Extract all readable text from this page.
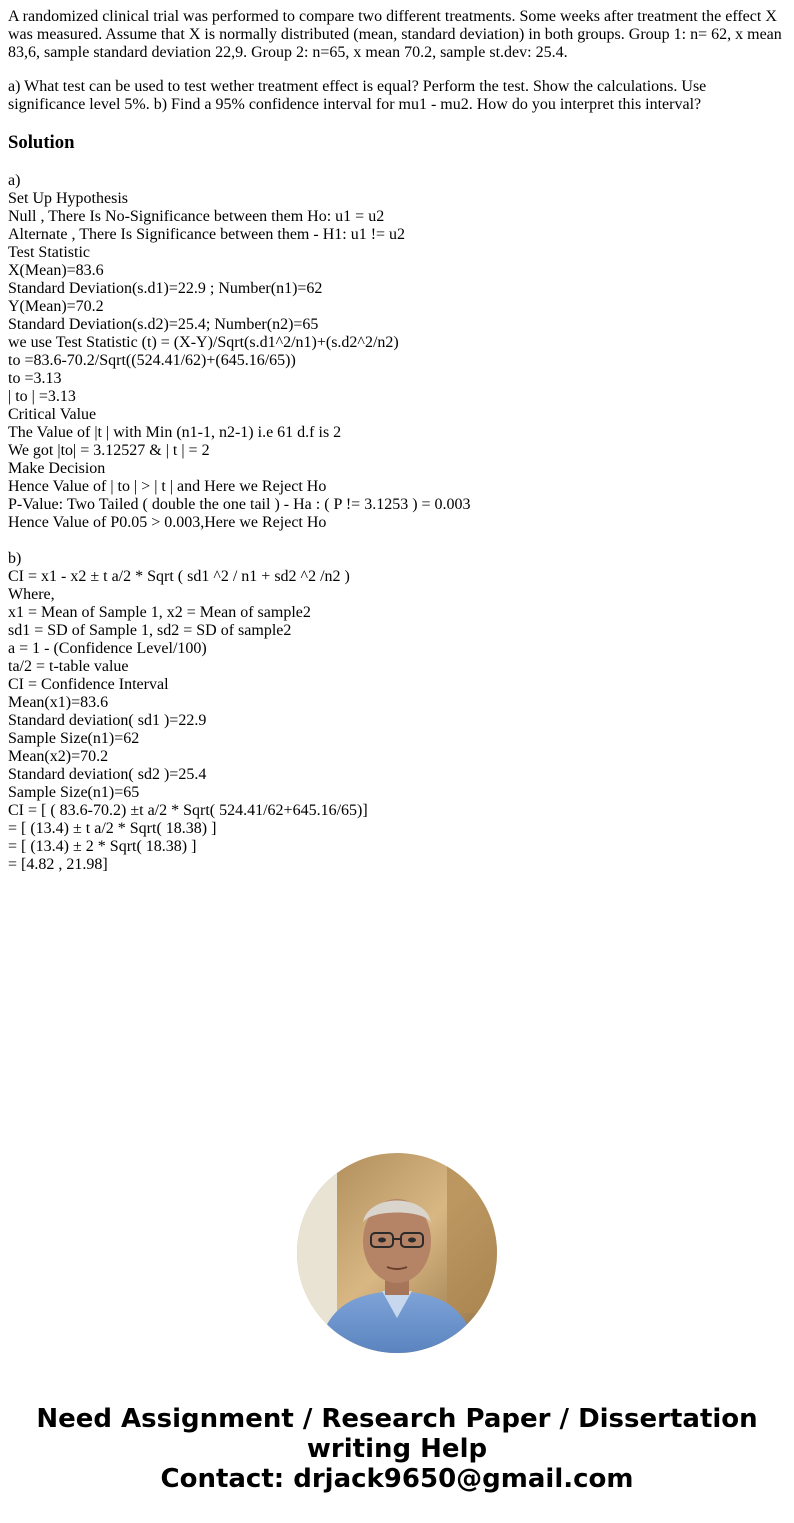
A randomized clinical trial was performed to compare two different treatments. Some weeks after treatment the effect X was measured. Assume that X is normally distributed (mean, standard deviation) in both groups. Group 1: n= 62, x mean 83,6, sample standard deviation 22,9. Group 2: n=65, x mean 70.2, sample st.dev: 25.4.

a) What test can be used to test wether treatment effect is equal? Perform the test. Show the calculations. Use significance level 5%. b) Find a 95% confidence interval for mu1 - mu2. How do you interpret this interval?

Solution
a)
Set Up Hypothesis
Null , There Is No-Significance between them Ho: u1 = u2
Alternate , There Is Significance between them - H1: u1 != u2
Test Statistic
X(Mean)=83.6
Standard Deviation(s.d1)=22.9 ; Number(n1)=62
Y(Mean)=70.2
Standard Deviation(s.d2)=25.4; Number(n2)=65
we use Test Statistic (t) = (X-Y)/Sqrt(s.d1^2/n1)+(s.d2^2/n2)
to =83.6-70.2/Sqrt((524.41/62)+(645.16/65))
to =3.13
| to | =3.13
Critical Value
The Value of |t | with Min (n1-1, n2-1) i.e 61 d.f is 2
We got |to| = 3.12527 & | t | = 2
Make Decision
Hence Value of | to | > | t | and Here we Reject Ho
P-Value: Two Tailed ( double the one tail ) - Ha : ( P != 3.1253 ) = 0.003
Hence Value of P0.05 > 0.003,Here we Reject Ho
b)
CI = x1 - x2 ± t a/2 * Sqrt ( sd1 ^2 / n1 + sd2 ^2 /n2 )
Where,
x1 = Mean of Sample 1, x2 = Mean of sample2
sd1 = SD of Sample 1, sd2 = SD of sample2
a = 1 - (Confidence Level/100)
ta/2 = t-table value
CI = Confidence Interval
Mean(x1)=83.6
Standard deviation( sd1 )=22.9
Sample Size(n1)=62
Mean(x2)=70.2
Standard deviation( sd2 )=25.4
Sample Size(n1)=65
CI = [ ( 83.6-70.2) ±t a/2 * Sqrt( 524.41/62+645.16/65)]
= [ (13.4) ± t a/2 * Sqrt( 18.38) ]
= [ (13.4) ± 2 * Sqrt( 18.38) ]
= [4.82 , 21.98]
Need Assignment / Research Paper / Dissertation
writing Help
Contact: drjack9650@gmail.com
